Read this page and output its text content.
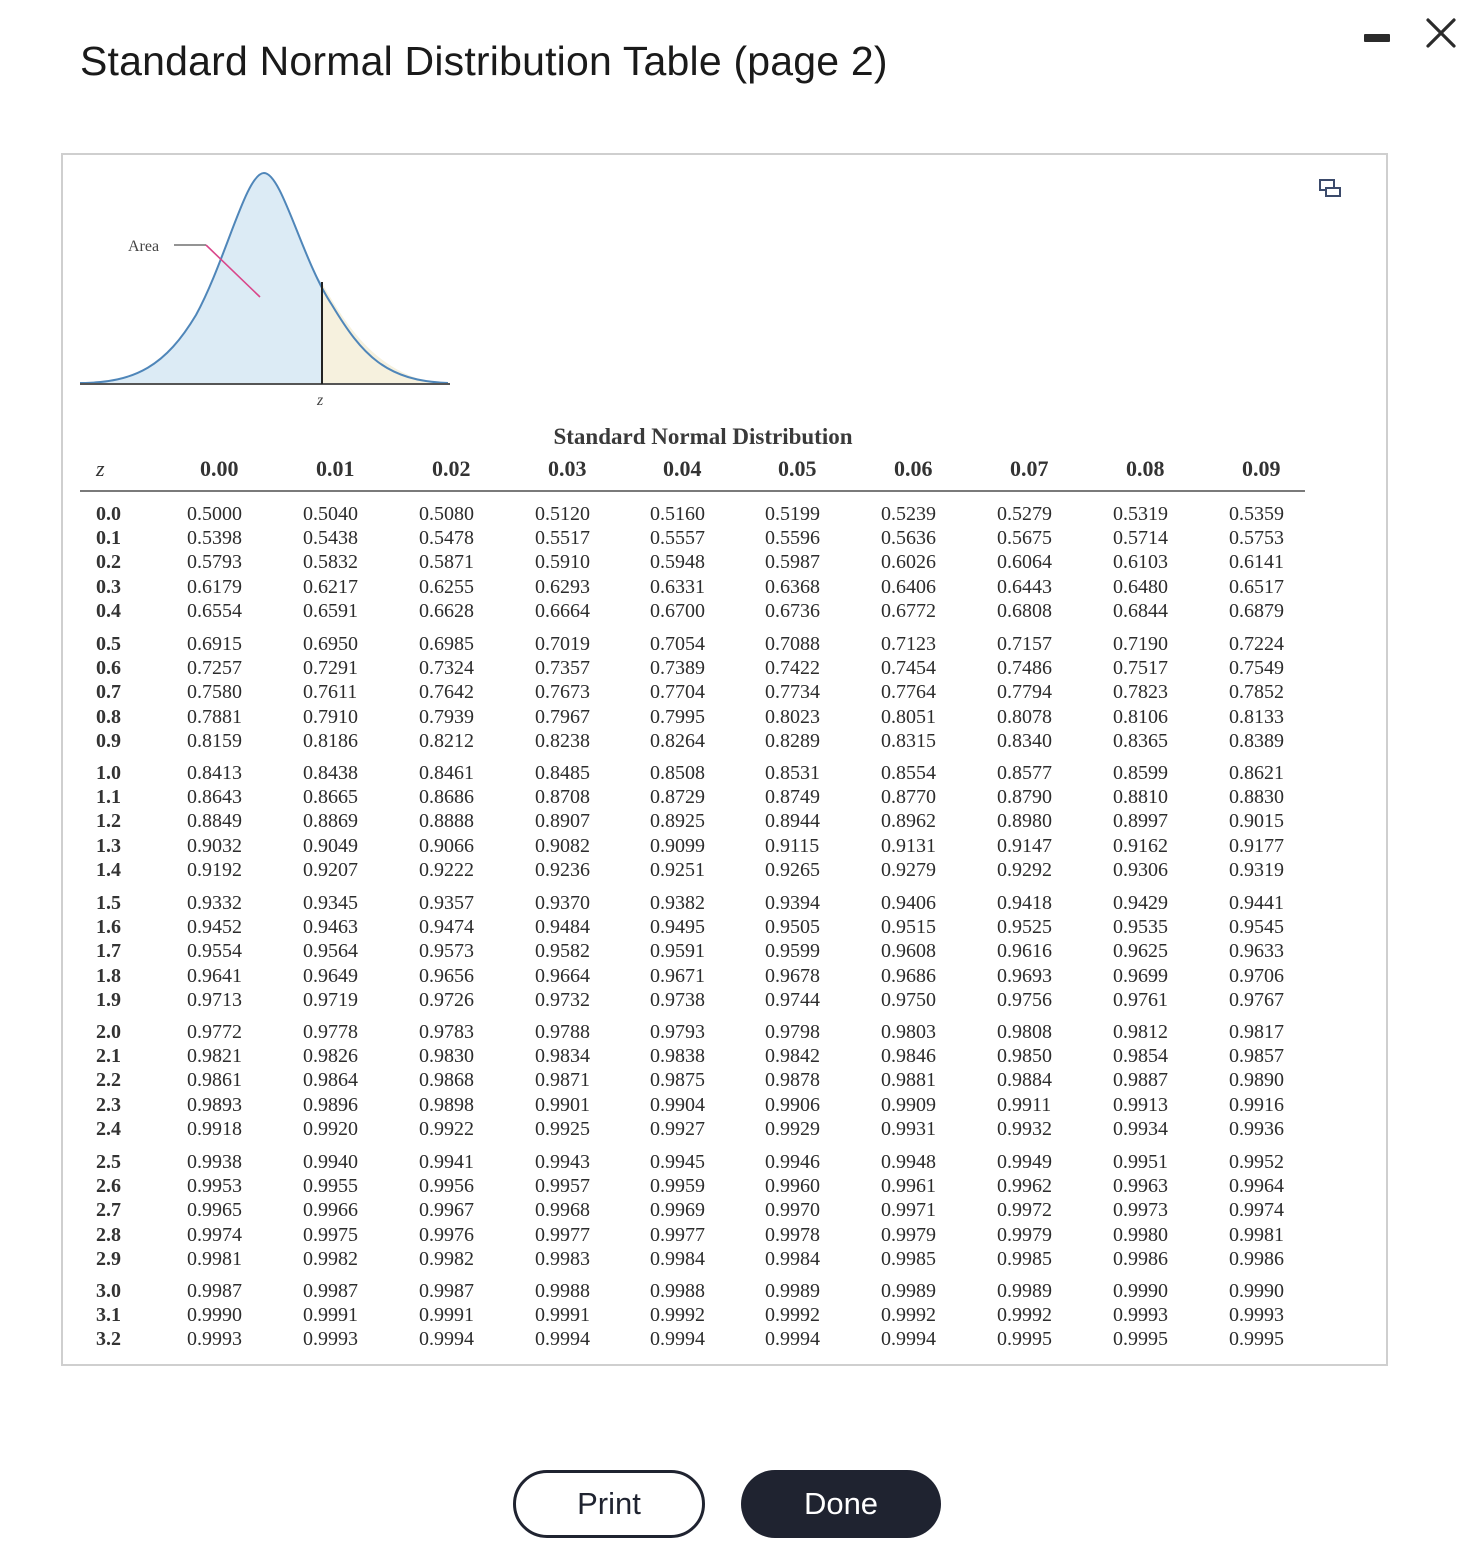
Standard Normal Distribution Table (page 2)
Area
z
Standard Normal Distribution
z	0.00	0.01	0.02	0.03	0.04	0.05	0.06	0.07	0.08	0.09
0.0	0.5000	0.5040	0.5080	0.5120	0.5160	0.5199	0.5239	0.5279	0.5319	0.5359
0.1	0.5398	0.5438	0.5478	0.5517	0.5557	0.5596	0.5636	0.5675	0.5714	0.5753
0.2	0.5793	0.5832	0.5871	0.5910	0.5948	0.5987	0.6026	0.6064	0.6103	0.6141
0.3	0.6179	0.6217	0.6255	0.6293	0.6331	0.6368	0.6406	0.6443	0.6480	0.6517
0.4	0.6554	0.6591	0.6628	0.6664	0.6700	0.6736	0.6772	0.6808	0.6844	0.6879
0.5	0.6915	0.6950	0.6985	0.7019	0.7054	0.7088	0.7123	0.7157	0.7190	0.7224
0.6	0.7257	0.7291	0.7324	0.7357	0.7389	0.7422	0.7454	0.7486	0.7517	0.7549
0.7	0.7580	0.7611	0.7642	0.7673	0.7704	0.7734	0.7764	0.7794	0.7823	0.7852
0.8	0.7881	0.7910	0.7939	0.7967	0.7995	0.8023	0.8051	0.8078	0.8106	0.8133
0.9	0.8159	0.8186	0.8212	0.8238	0.8264	0.8289	0.8315	0.8340	0.8365	0.8389
1.0	0.8413	0.8438	0.8461	0.8485	0.8508	0.8531	0.8554	0.8577	0.8599	0.8621
1.1	0.8643	0.8665	0.8686	0.8708	0.8729	0.8749	0.8770	0.8790	0.8810	0.8830
1.2	0.8849	0.8869	0.8888	0.8907	0.8925	0.8944	0.8962	0.8980	0.8997	0.9015
1.3	0.9032	0.9049	0.9066	0.9082	0.9099	0.9115	0.9131	0.9147	0.9162	0.9177
1.4	0.9192	0.9207	0.9222	0.9236	0.9251	0.9265	0.9279	0.9292	0.9306	0.9319
1.5	0.9332	0.9345	0.9357	0.9370	0.9382	0.9394	0.9406	0.9418	0.9429	0.9441
1.6	0.9452	0.9463	0.9474	0.9484	0.9495	0.9505	0.9515	0.9525	0.9535	0.9545
1.7	0.9554	0.9564	0.9573	0.9582	0.9591	0.9599	0.9608	0.9616	0.9625	0.9633
1.8	0.9641	0.9649	0.9656	0.9664	0.9671	0.9678	0.9686	0.9693	0.9699	0.9706
1.9	0.9713	0.9719	0.9726	0.9732	0.9738	0.9744	0.9750	0.9756	0.9761	0.9767
2.0	0.9772	0.9778	0.9783	0.9788	0.9793	0.9798	0.9803	0.9808	0.9812	0.9817
2.1	0.9821	0.9826	0.9830	0.9834	0.9838	0.9842	0.9846	0.9850	0.9854	0.9857
2.2	0.9861	0.9864	0.9868	0.9871	0.9875	0.9878	0.9881	0.9884	0.9887	0.9890
2.3	0.9893	0.9896	0.9898	0.9901	0.9904	0.9906	0.9909	0.9911	0.9913	0.9916
2.4	0.9918	0.9920	0.9922	0.9925	0.9927	0.9929	0.9931	0.9932	0.9934	0.9936
2.5	0.9938	0.9940	0.9941	0.9943	0.9945	0.9946	0.9948	0.9949	0.9951	0.9952
2.6	0.9953	0.9955	0.9956	0.9957	0.9959	0.9960	0.9961	0.9962	0.9963	0.9964
2.7	0.9965	0.9966	0.9967	0.9968	0.9969	0.9970	0.9971	0.9972	0.9973	0.9974
2.8	0.9974	0.9975	0.9976	0.9977	0.9977	0.9978	0.9979	0.9979	0.9980	0.9981
2.9	0.9981	0.9982	0.9982	0.9983	0.9984	0.9984	0.9985	0.9985	0.9986	0.9986
3.0	0.9987	0.9987	0.9987	0.9988	0.9988	0.9989	0.9989	0.9989	0.9990	0.9990
3.1	0.9990	0.9991	0.9991	0.9991	0.9992	0.9992	0.9992	0.9992	0.9993	0.9993
3.2	0.9993	0.9993	0.9994	0.9994	0.9994	0.9994	0.9994	0.9995	0.9995	0.9995
Print	Done
